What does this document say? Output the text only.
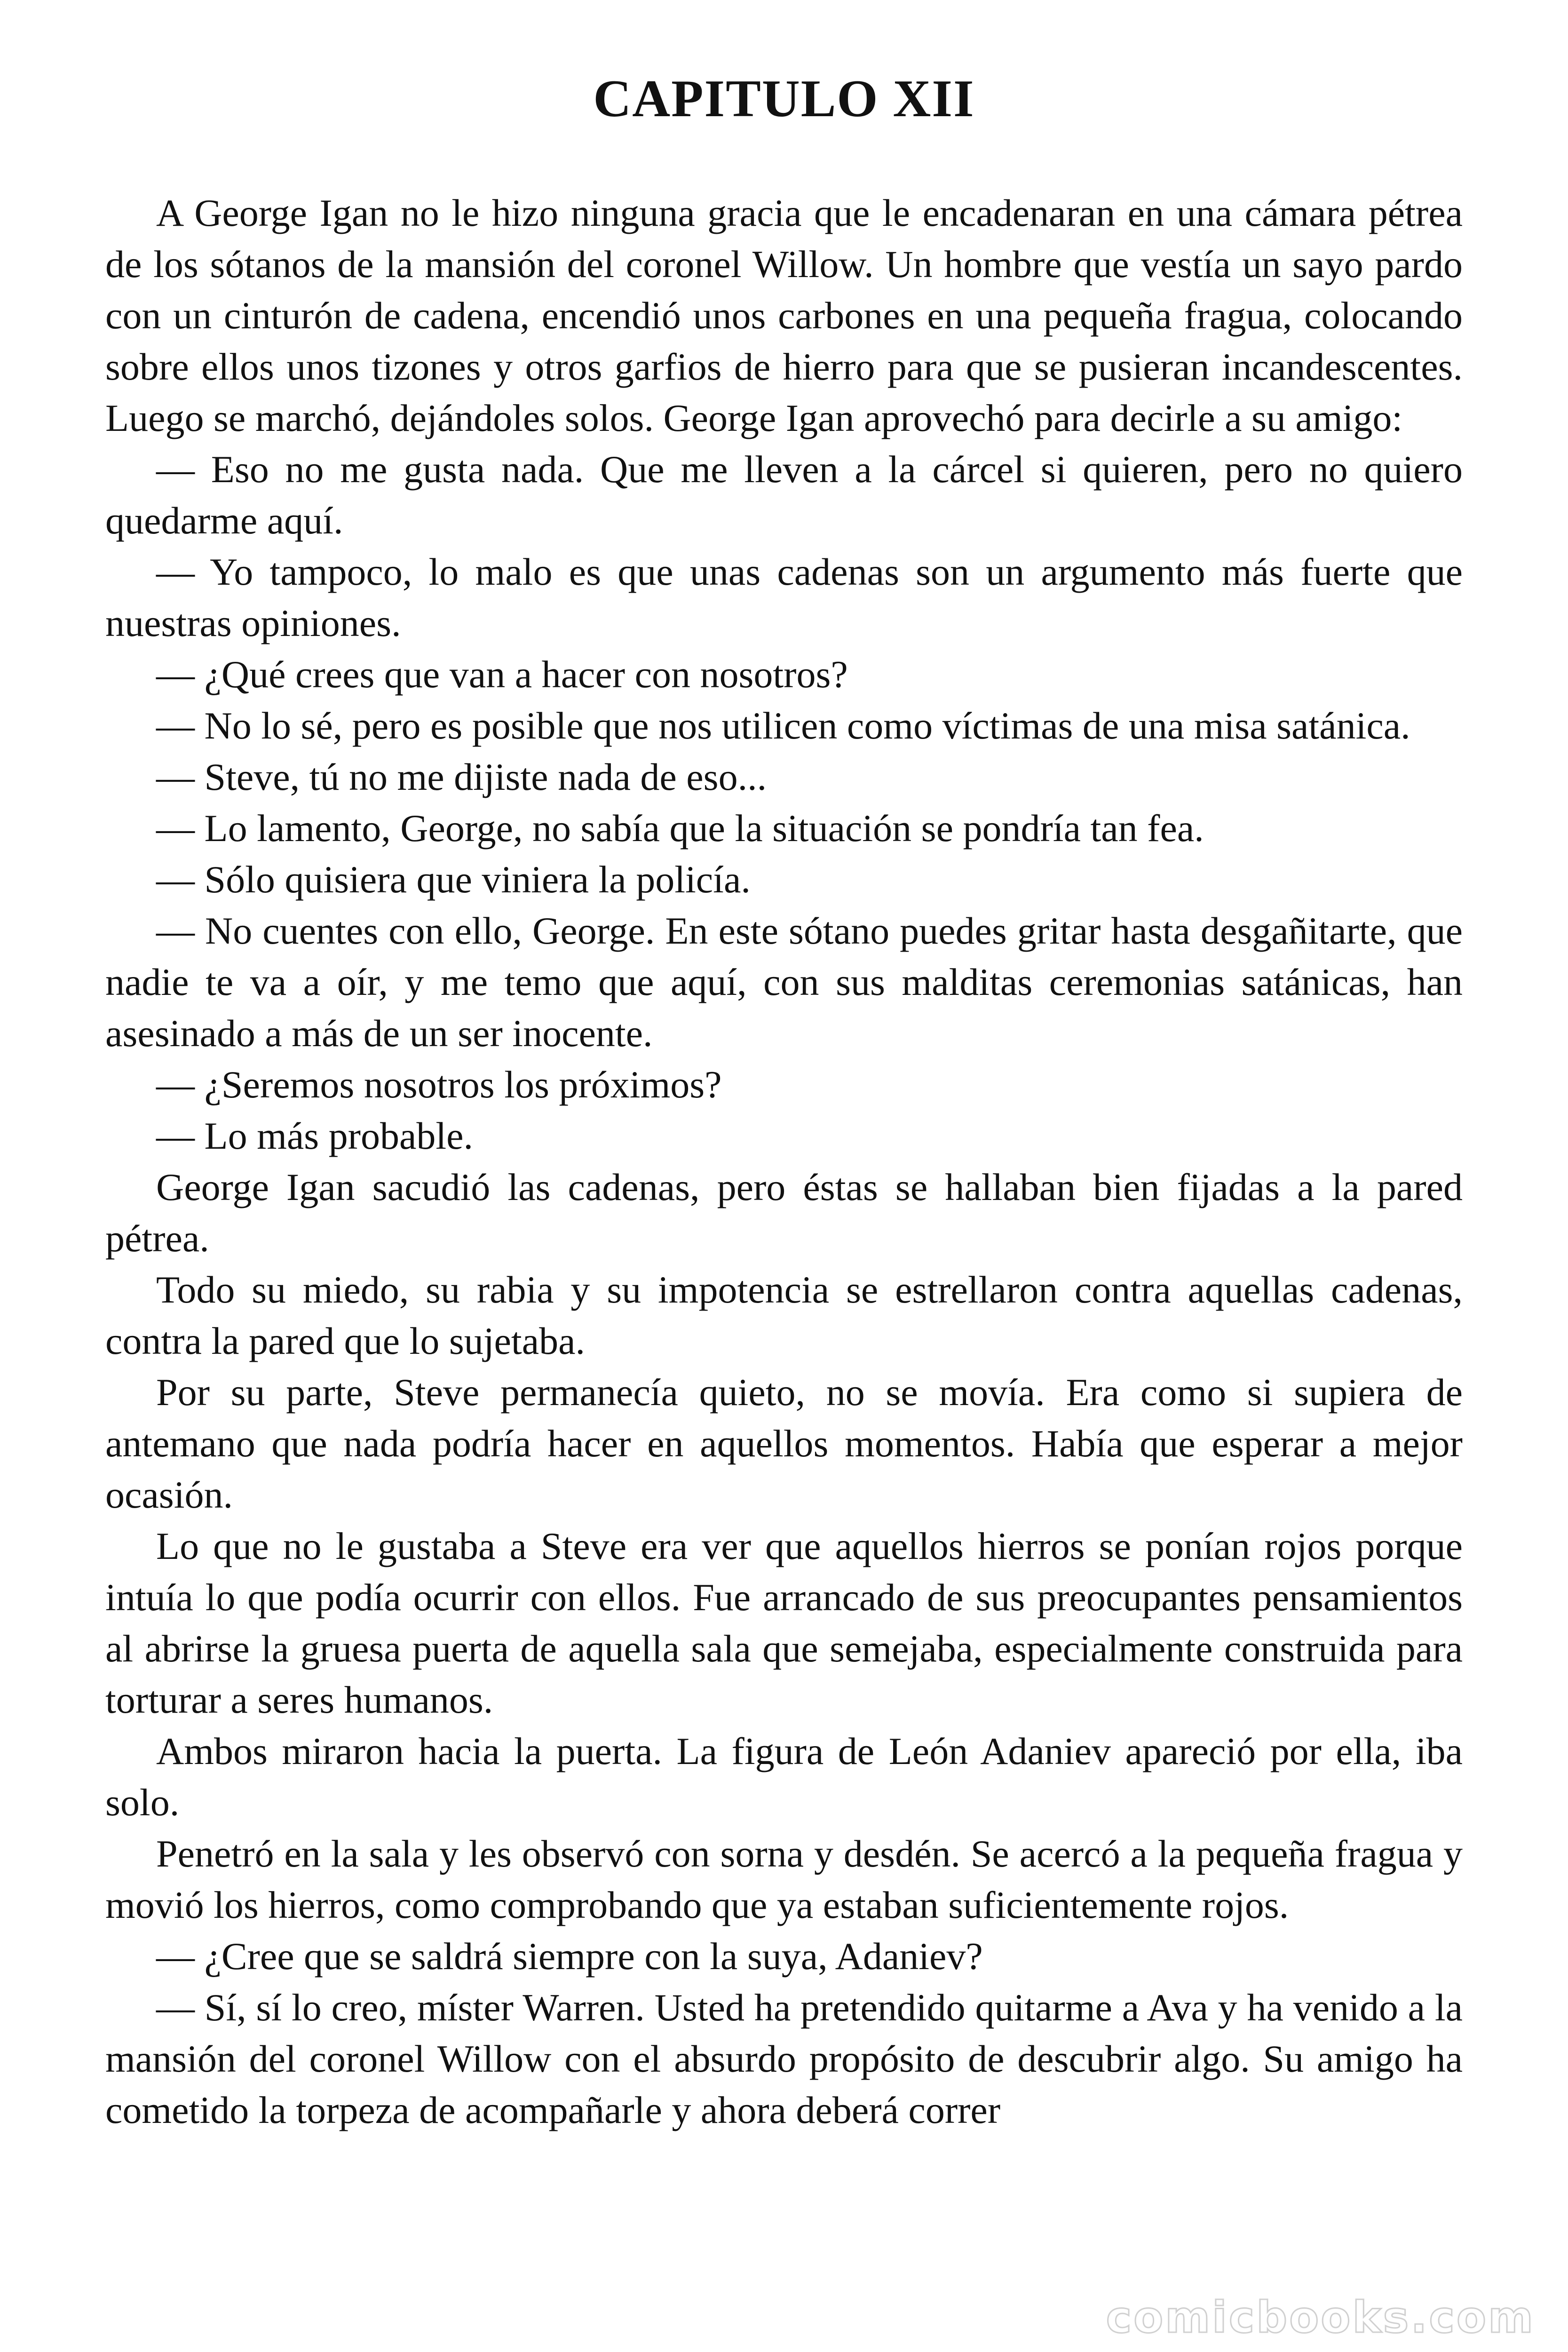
CAPITULO XII

A George Igan no le hizo ninguna gracia que le encadenaran en una cámara pétrea de los sótanos de la mansión del coronel Willow. Un hombre que vestía un sayo pardo con un cinturón de cadena, encendió unos carbones en una pequeña fragua, colocando sobre ellos unos tizones y otros garfios de hierro para que se pusieran incandescentes. Luego se marchó, dejándoles solos. George Igan aprovechó para decirle a su amigo:

— Eso no me gusta nada. Que me lleven a la cárcel si quieren, pero no quiero quedarme aquí.

— Yo tampoco, lo malo es que unas cadenas son un argumento más fuerte que nuestras opiniones.

— ¿Qué crees que van a hacer con nosotros?

— No lo sé, pero es posible que nos utilicen como víctimas de una misa satánica.

— Steve, tú no me dijiste nada de eso...

— Lo lamento, George, no sabía que la situación se pondría tan fea.

— Sólo quisiera que viniera la policía.

— No cuentes con ello, George. En este sótano puedes gritar hasta desgañitarte, que nadie te va a oír, y me temo que aquí, con sus malditas ceremonias satánicas, han asesinado a más de un ser inocente.

— ¿Seremos nosotros los próximos?

— Lo más probable.

George Igan sacudió las cadenas, pero éstas se hallaban bien fijadas a la pared pétrea.

Todo su miedo, su rabia y su impotencia se estrellaron contra aquellas cadenas, contra la pared que lo sujetaba.

Por su parte, Steve permanecía quieto, no se movía. Era como si supiera de antemano que nada podría hacer en aquellos momentos. Había que esperar a mejor ocasión.

Lo que no le gustaba a Steve era ver que aquellos hierros se ponían rojos porque intuía lo que podía ocurrir con ellos. Fue arrancado de sus preocupantes pensamientos al abrirse la gruesa puerta de aquella sala que semejaba, especialmente construida para torturar a seres humanos.

Ambos miraron hacia la puerta. La figura de León Adaniev apareció por ella, iba solo.

Penetró en la sala y les observó con sorna y desdén. Se acercó a la pequeña fragua y movió los hierros, como comprobando que ya estaban suficientemente rojos.

— ¿Cree que se saldrá siempre con la suya, Adaniev?

— Sí, sí lo creo, míster Warren. Usted ha pretendido quitarme a Ava y ha venido a la mansión del coronel Willow con el absurdo propósito de descubrir algo. Su amigo ha cometido la torpeza de acompañarle y ahora deberá correr

comicbooks.com
